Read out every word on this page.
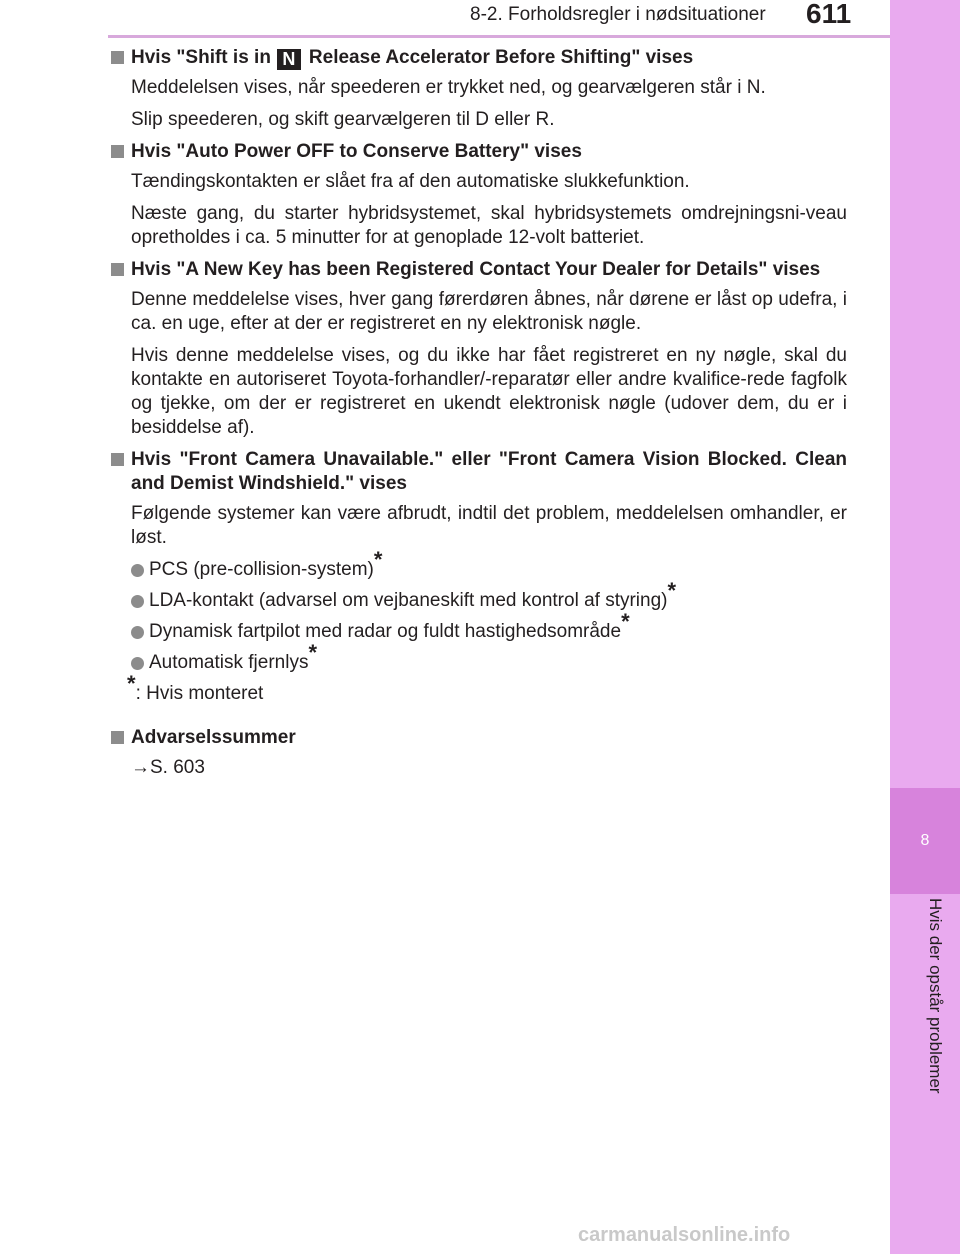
8-2. Forholdsregler i nødsituationer 611
8
Hvis der opstår problemer
Hvis "Shift is in N Release Accelerator Before Shifting" vises
Meddelelsen vises, når speederen er trykket ned, og gearvælgeren står i N.
Slip speederen, og skift gearvælgeren til D eller R.
Hvis "Auto Power OFF to Conserve Battery" vises
Tændingskontakten er slået fra af den automatiske slukkefunktion.
Næste gang, du starter hybridsystemet, skal hybridsystemets omdrejningsni-veau opretholdes i ca. 5 minutter for at genoplade 12-volt batteriet.
Hvis "A New Key has been Registered Contact Your Dealer for Details" vises
Denne meddelelse vises, hver gang førerdøren åbnes, når dørene er låst op udefra, i ca. en uge, efter at der er registreret en ny elektronisk nøgle.
Hvis denne meddelelse vises, og du ikke har fået registreret en ny nøgle, skal du kontakte en autoriseret Toyota-forhandler/-reparatør eller andre kvalifice-rede fagfolk og tjekke, om der er registreret en ukendt elektronisk nøgle (udover dem, du er i besiddelse af).
Hvis "Front Camera Unavailable." eller "Front Camera Vision Blocked. Clean and Demist Windshield." vises
Følgende systemer kan være afbrudt, indtil det problem, meddelelsen omhandler, er løst.
PCS (pre-collision-system)*
LDA-kontakt (advarsel om vejbaneskift med kontrol af styring)*
Dynamisk fartpilot med radar og fuldt hastighedsområde*
Automatisk fjernlys*
*: Hvis monteret
Advarselssummer
→S. 603
carmanualsonline.info
